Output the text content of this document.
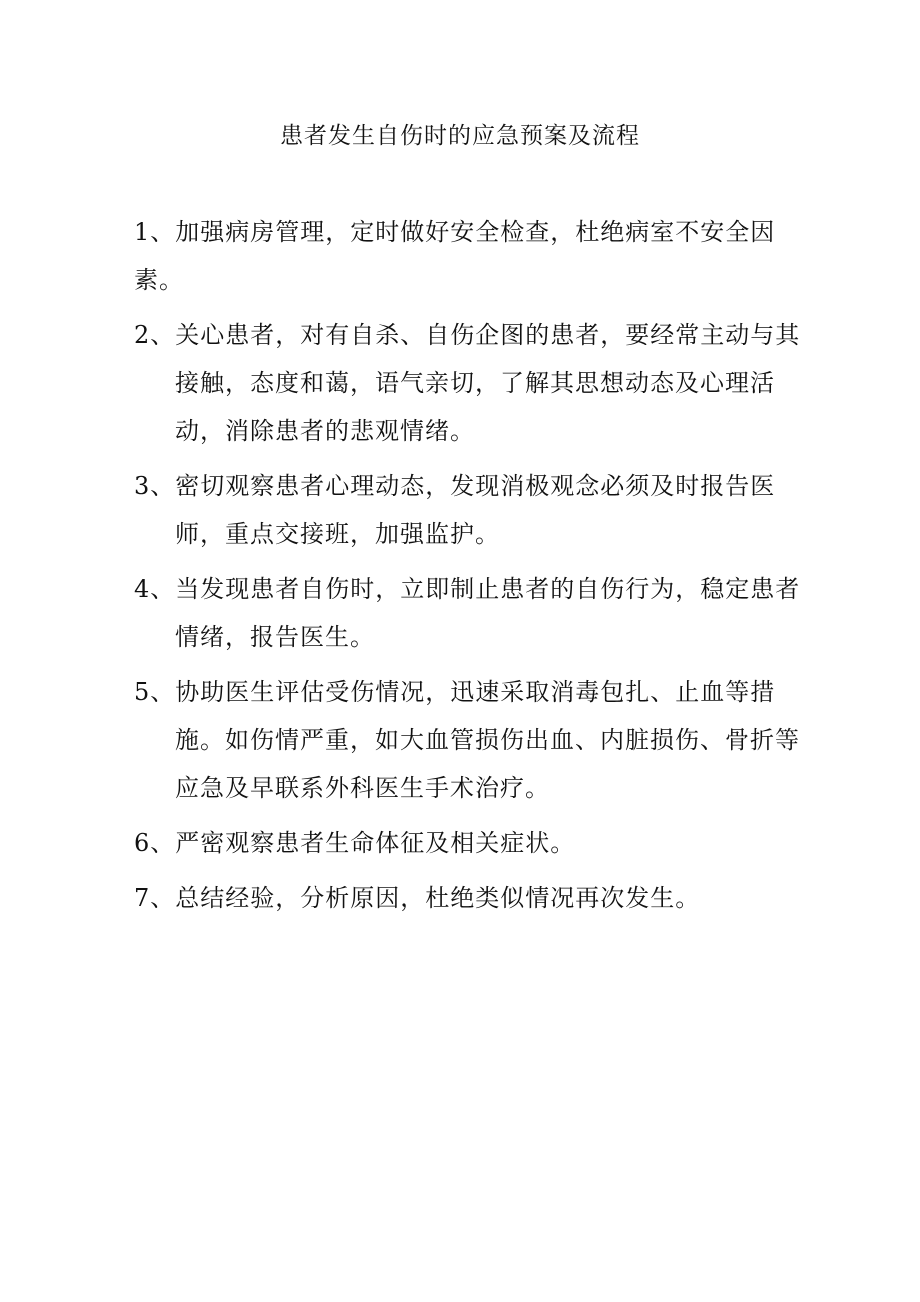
患者发生自伤时的应急预案及流程
1、加强病房管理，定时做好安全检查，杜绝病室不安全因素。
2、关心患者，对有自杀、自伤企图的患者，要经常主动与其接触，态度和蔼，语气亲切，了解其思想动态及心理活动，消除患者的悲观情绪。
3、密切观察患者心理动态，发现消极观念必须及时报告医师，重点交接班，加强监护。
4、当发现患者自伤时，立即制止患者的自伤行为，稳定患者情绪，报告医生。
5、协助医生评估受伤情况，迅速采取消毒包扎、止血等措施。如伤情严重，如大血管损伤出血、内脏损伤、骨折等应急及早联系外科医生手术治疗。
6、严密观察患者生命体征及相关症状。
7、总结经验，分析原因，杜绝类似情况再次发生。
